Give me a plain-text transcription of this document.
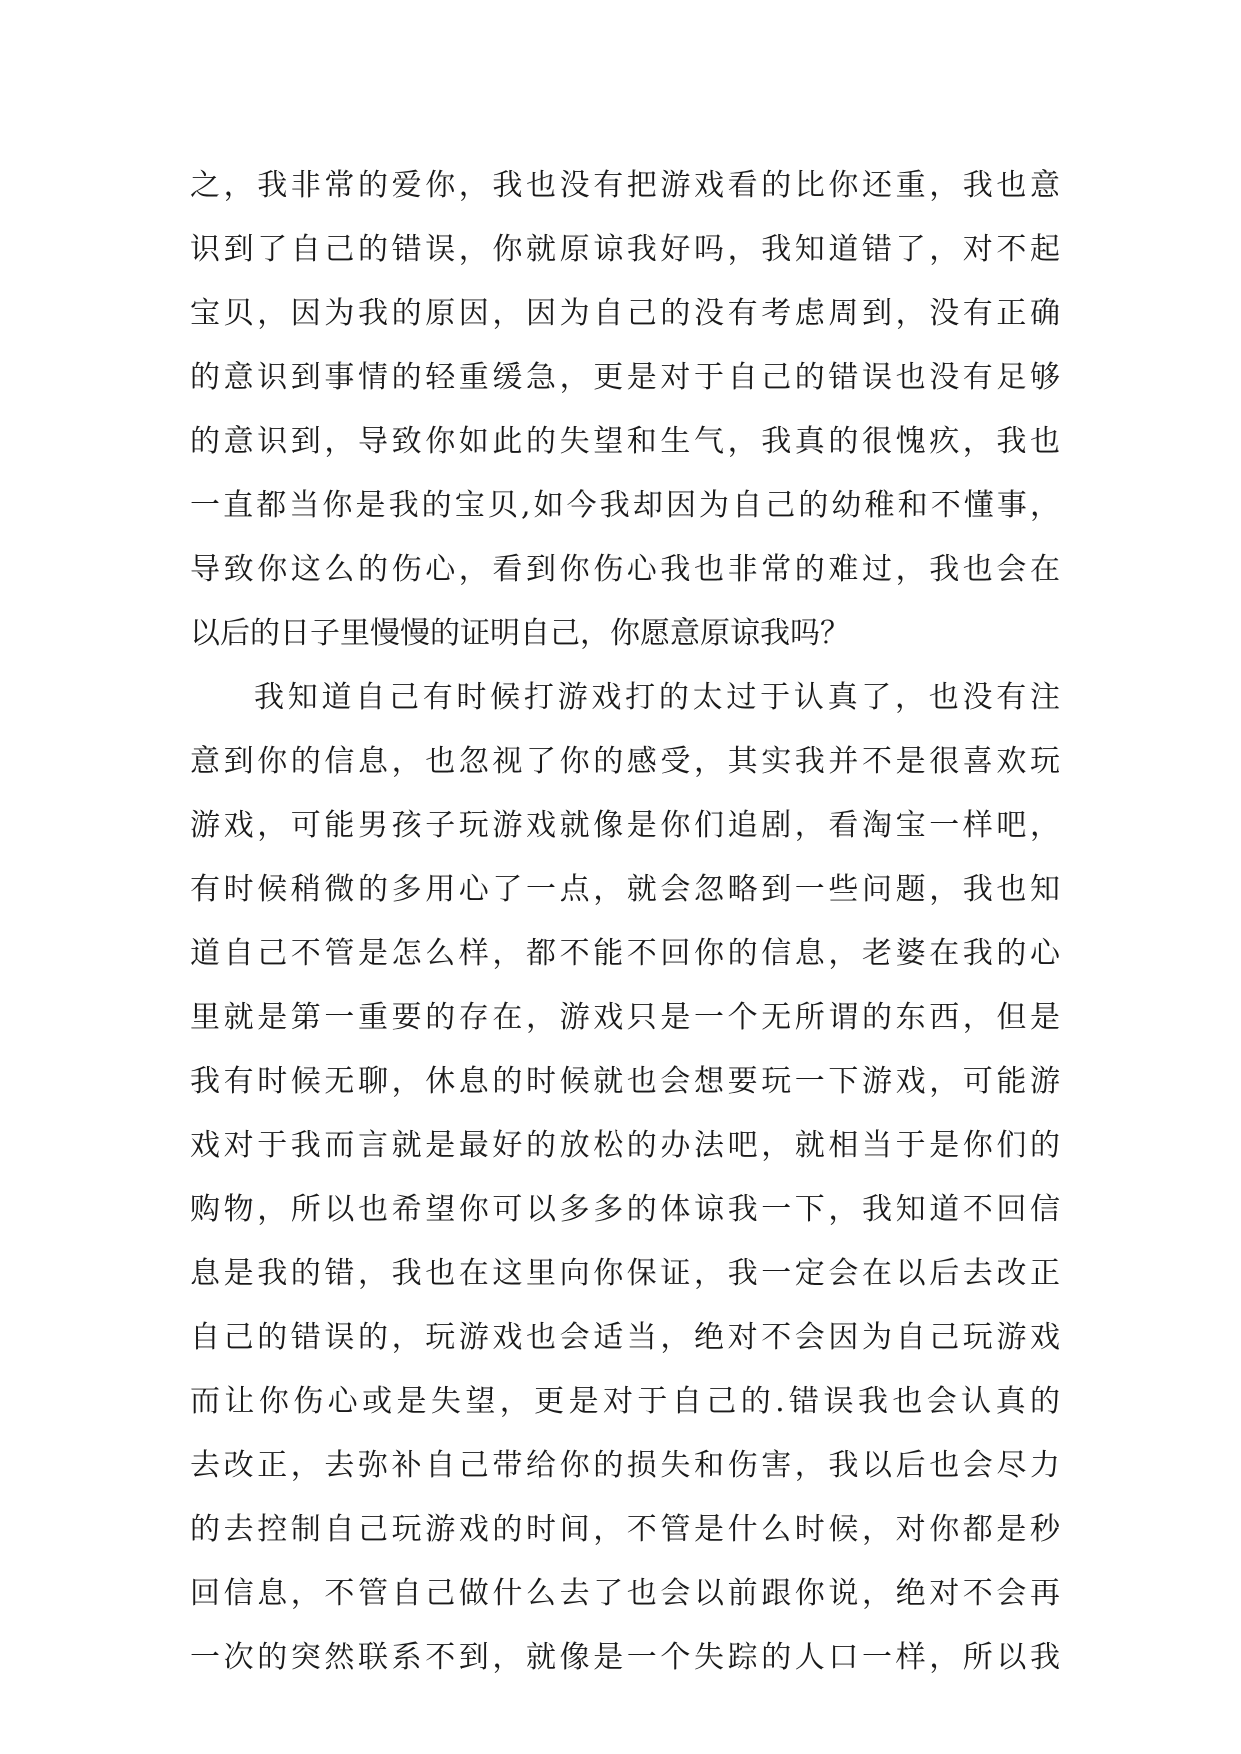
之，我非常的爱你，我也没有把游戏看的比你还重，我也意
识到了自己的错误，你就原谅我好吗，我知道错了，对不起
宝贝，因为我的原因，因为自己的没有考虑周到，没有正确
的意识到事情的轻重缓急，更是对于自己的错误也没有足够
的意识到，导致你如此的失望和生气，我真的很愧疚，我也
一直都当你是我的宝贝,如今我却因为自己的幼稚和不懂事，
导致你这么的伤心，看到你伤心我也非常的难过，我也会在
以后的日子里慢慢的证明自己，你愿意原谅我吗？
我知道自己有时候打游戏打的太过于认真了，也没有注
意到你的信息，也忽视了你的感受，其实我并不是很喜欢玩
游戏，可能男孩子玩游戏就像是你们追剧，看淘宝一样吧，
有时候稍微的多用心了一点，就会忽略到一些问题，我也知
道自己不管是怎么样，都不能不回你的信息，老婆在我的心
里就是第一重要的存在，游戏只是一个无所谓的东西，但是
我有时候无聊，休息的时候就也会想要玩一下游戏，可能游
戏对于我而言就是最好的放松的办法吧，就相当于是你们的
购物，所以也希望你可以多多的体谅我一下，我知道不回信
息是我的错，我也在这里向你保证，我一定会在以后去改正
自己的错误的，玩游戏也会适当，绝对不会因为自己玩游戏
而让你伤心或是失望，更是对于自己的.错误我也会认真的
去改正，去弥补自己带给你的损失和伤害，我以后也会尽力
的去控制自己玩游戏的时间，不管是什么时候，对你都是秒
回信息，不管自己做什么去了也会以前跟你说，绝对不会再
一次的突然联系不到，就像是一个失踪的人口一样，所以我
